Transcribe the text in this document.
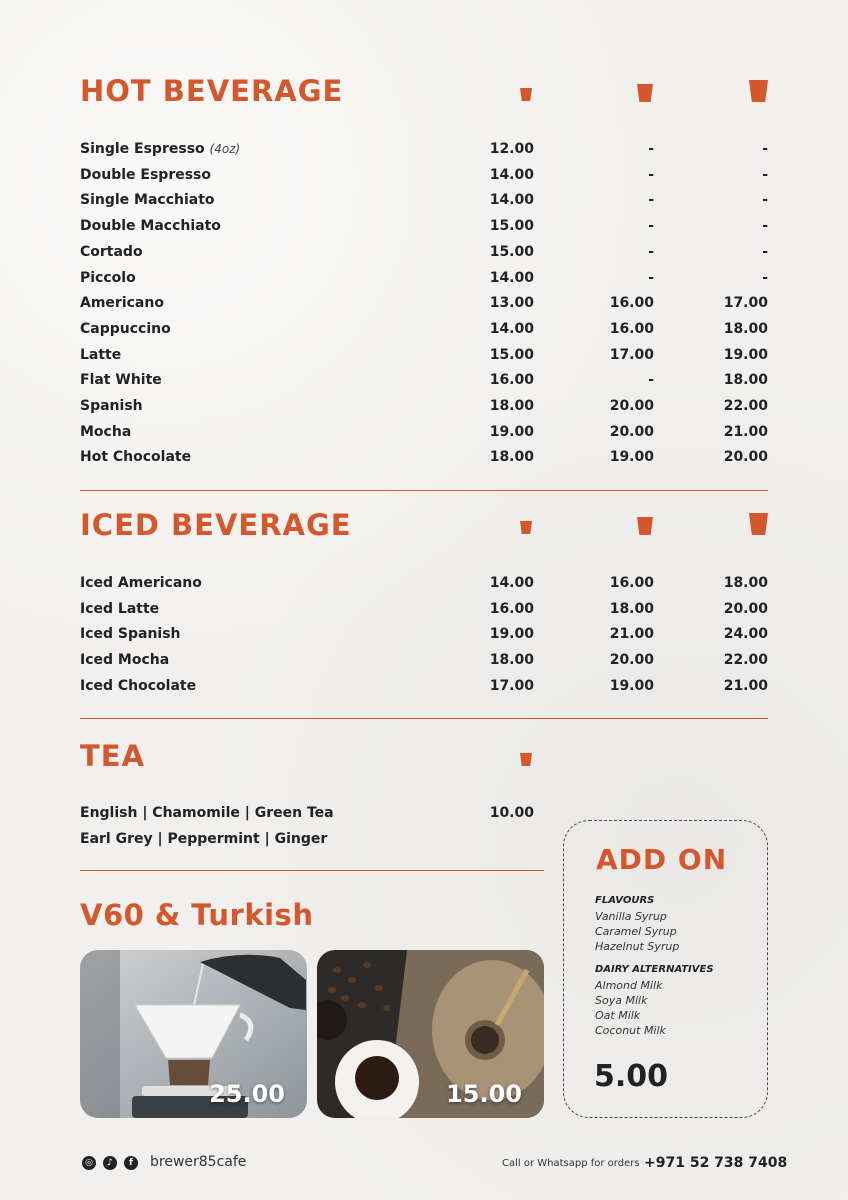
HOT BEVERAGE
Single Espresso (4oz)	12.00	-	-
Double Espresso	14.00	-	-
Single Macchiato	14.00	-	-
Double Macchiato	15.00	-	-
Cortado	15.00	-	-
Piccolo	14.00	-	-
Americano	13.00	16.00	17.00
Cappuccino	14.00	16.00	18.00
Latte	15.00	17.00	19.00
Flat White	16.00	-	18.00
Spanish	18.00	20.00	22.00
Mocha	19.00	20.00	21.00
Hot Chocolate	18.00	19.00	20.00
ICED BEVERAGE
Iced Americano	14.00	16.00	18.00
Iced Latte	16.00	18.00	20.00
Iced Spanish	19.00	21.00	24.00
Iced Mocha	18.00	20.00	22.00
Iced Chocolate	17.00	19.00	21.00
TEA
English | Chamomile | Green Tea	10.00
Earl Grey | Peppermint | Ginger
V60 & Turkish
25.00	15.00
ADD ON
FLAVOURS
Vanilla Syrup
Caramel Syrup
Hazelnut Syrup
DAIRY ALTERNATIVES
Almond Milk
Soya Milk
Oat Milk
Coconut Milk
5.00
◎	♪	f	brewer85cafe	Call or Whatsapp for orders +971 52 738 7408
